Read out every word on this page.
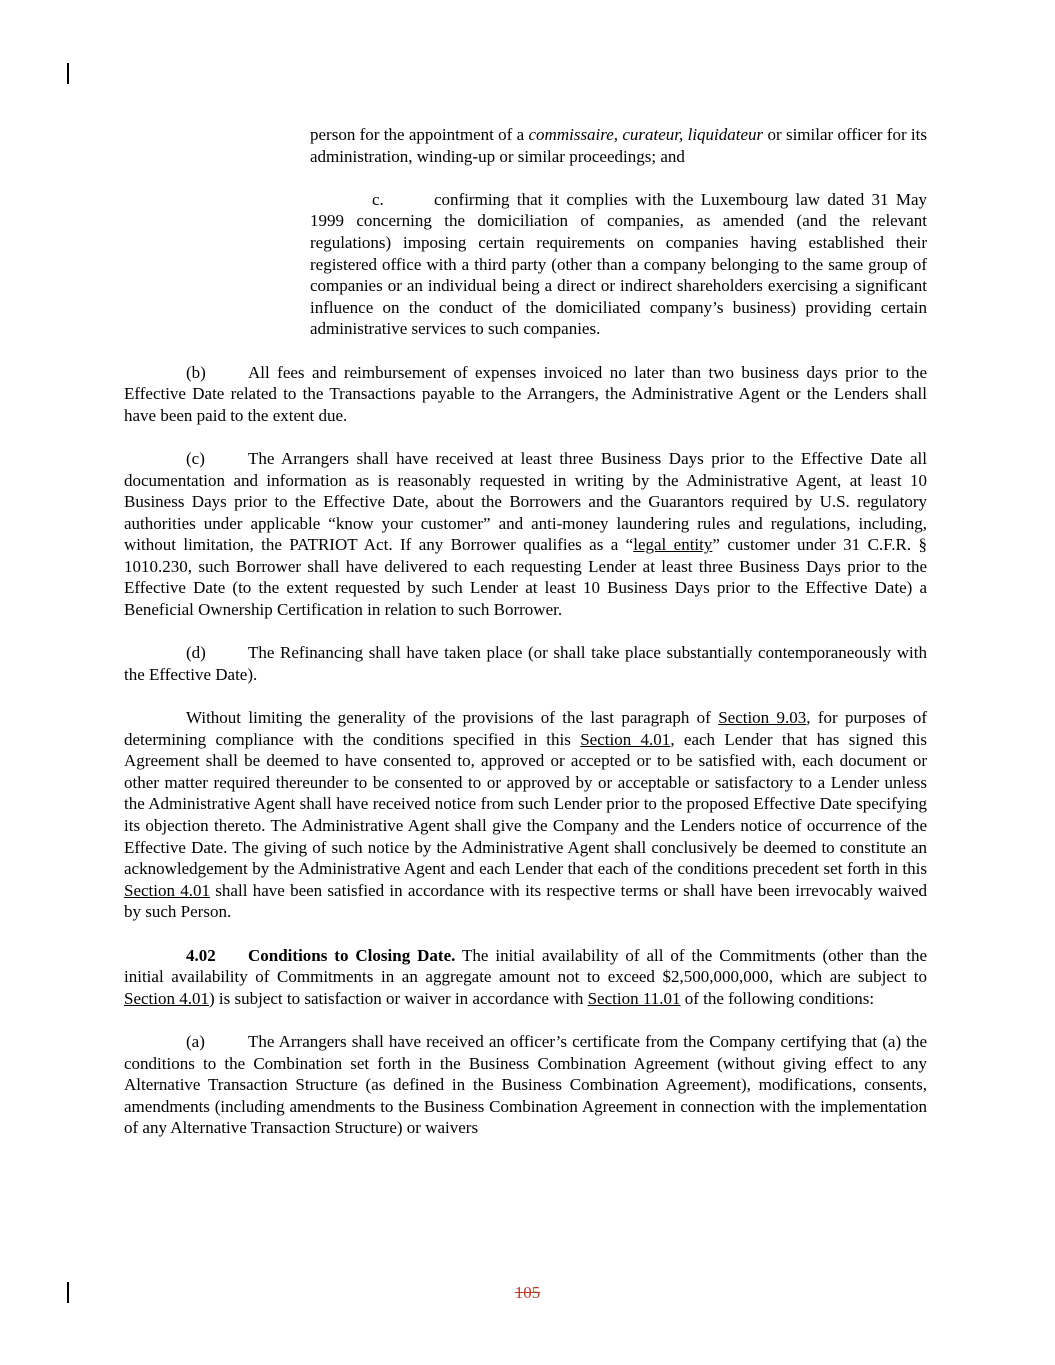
person for the appointment of a commissaire, curateur, liquidateur or similar officer for its administration, winding-up or similar proceedings; and

c.	confirming that it complies with the Luxembourg law dated 31 May 1999 concerning the domiciliation of companies, as amended (and the relevant regulations) imposing certain requirements on companies having established their registered office with a third party (other than a company belonging to the same group of companies or an individual being a direct or indirect shareholders exercising a significant influence on the conduct of the domiciliated company’s business) providing certain administrative services to such companies.

(b) All fees and reimbursement of expenses invoiced no later than two business days prior to the Effective Date related to the Transactions payable to the Arrangers, the Administrative Agent or the Lenders shall have been paid to the extent due.

(c)	The Arrangers shall have received at least three Business Days prior to the Effective Date all documentation and information as is reasonably requested in writing by the Administrative Agent, at least 10 Business Days prior to the Effective Date, about the Borrowers and the Guarantors required by U.S. regulatory authorities under applicable “know your customer” and anti-money laundering rules and regulations, including, without limitation, the PATRIOT Act. If any Borrower qualifies as a “legal entity” customer under 31 C.F.R. § 1010.230, such Borrower shall have delivered to each requesting Lender at least three Business Days prior to the Effective Date (to the extent requested by such Lender at least 10 Business Days prior to the Effective Date) a Beneficial Ownership Certification in relation to such Borrower.

(d) The Refinancing shall have taken place (or shall take place substantially contemporaneously with the Effective Date).

Without limiting the generality of the provisions of the last paragraph of Section 9.03, for purposes of determining compliance with the conditions specified in this Section 4.01, each Lender that has signed this Agreement shall be deemed to have consented to, approved or accepted or to be satisfied with, each document or other matter required thereunder to be consented to or approved by or acceptable or satisfactory to a Lender unless the Administrative Agent shall have received notice from such Lender prior to the proposed Effective Date specifying its objection thereto. The Administrative Agent shall give the Company and the Lenders notice of occurrence of the Effective Date. The giving of such notice by the Administrative Agent shall conclusively be deemed to constitute an acknowledgement by the Administrative Agent and each Lender that each of the conditions precedent set forth in this Section 4.01 shall have been satisfied in accordance with its respective terms or shall have been irrevocably waived by such Person.

4.02 Conditions to Closing Date. The initial availability of all of the Commitments (other than the initial availability of Commitments in an aggregate amount not to exceed $2,500,000,000, which are subject to Section 4.01) is subject to satisfaction or waiver in accordance with Section 11.01 of the following conditions:

(a)	The Arrangers shall have received an officer’s certificate from the Company certifying that (a) the conditions to the Combination set forth in the Business Combination Agreement (without giving effect to any Alternative Transaction Structure (as defined in the Business Combination Agreement), modifications, consents, amendments (including amendments to the Business Combination Agreement in connection with the implementation of any Alternative Transaction Structure) or waivers

105
